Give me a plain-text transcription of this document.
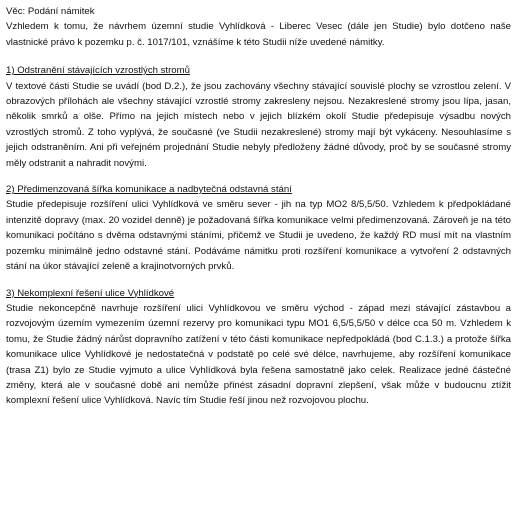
Věc: Podání námitek

Vzhledem k tomu, že návrhem územní studie Vyhlídková - Liberec Vesec (dále jen Studie) bylo dotčeno naše vlastnické právo k pozemku p. č. 1017/101, vznášíme k této Studii níže uvedené námitky.

1) Odstranění stávajících vzrostlých stromů

V textové části Studie se uvádí (bod D.2.), že jsou zachovány všechny stávající souvislé plochy se vzrostlou zelení. V obrazových přílohách ale všechny stávající vzrostlé stromy zakresleny nejsou. Nezakreslené stromy jsou lípa, jasan, několik smrků a olše. Přímo na jejich místech nebo v jejich blízkém okolí Studie předepisuje výsadbu nových vzrostlých stromů. Z toho vyplývá, že současné (ve Studii nezakreslené) stromy mají být vykáceny. Nesouhlasíme s jejich odstraněním. Ani při veřejném projednání Studie nebyly předloženy žádné důvody, proč by se současné stromy měly odstranit a nahradit novými.

2) Předimenzovaná šířka komunikace a nadbytečná odstavná stání

Studie předepisuje rozšíření ulici Vyhlídková ve směru sever - jih na typ MO2 8/5,5/50. Vzhledem k předpokládané intenzitě dopravy (max. 20 vozidel denně) je požadovaná šířka komunikace velmi předimenzovaná. Zároveň je na této komunikaci počítáno s dvěma odstavnými stáními, přičemž ve Studii je uvedeno, že každý RD musí mít na vlastním pozemku minimálně jedno odstavné stání. Podáváme námitku proti rozšíření komunikace a vytvoření 2 odstavných stání na úkor stávající zeleně a krajinotvorných prvků.

3) Nekomplexní řešení ulice Vyhlídkové

Studie nekoncepčně navrhuje rozšíření ulici Vyhlídkovou ve směru východ - západ mezi stávající zástavbou a rozvojovým územím vymezením územní rezervy pro komunikaci typu MO1 6,5/5,5/50 v délce cca 50 m. Vzhledem k tomu, že Studie žádný nárůst dopravního zatížení v této části komunikace nepředpokládá (bod C.1.3.) a protože šířka komunikace ulice Vyhlídkové je nedostatečná v podstatě po celé své délce, navrhujeme, aby rozšíření komunikace (trasa Z1) bylo ze Studie vyjmuto a ulice Vyhlídková byla řešena samostatně jako celek. Realizace jedné částečné změny, která ale v současné době ani nemůže přinést zásadní dopravní zlepšení, však může v budoucnu ztížit komplexní řešení ulice Vyhlídková. Navíc tím Studie řeší jinou než rozvojovou plochu.
